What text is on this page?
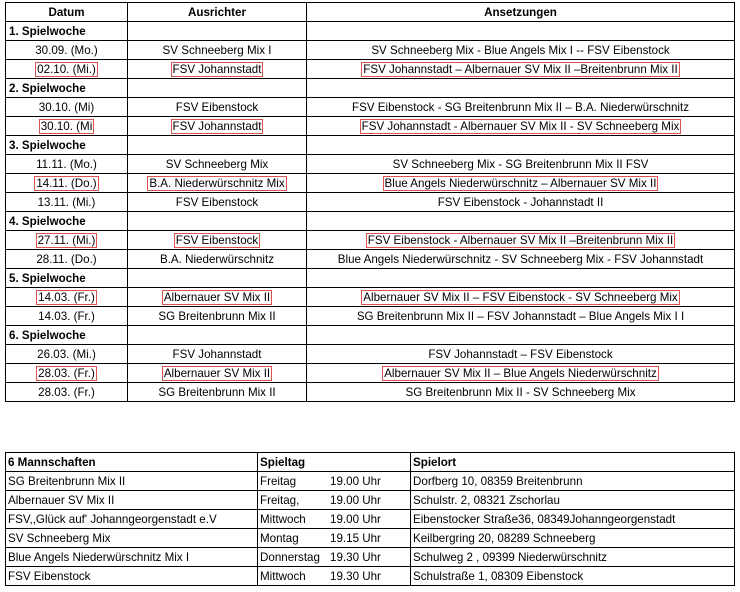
Datum	Ausrichter	Ansetzungen
1. Spielwoche		
30.09. (Mo.)	SV Schneeberg Mix I	SV Schneeberg Mix - Blue Angels Mix I -- FSV Eibenstock
02.10. (Mi.)	FSV Johannstadt	FSV Johannstadt – Albernauer SV Mix II –Breitenbrunn Mix II
2. Spielwoche		
30.10. (Mi)	FSV Eibenstock	FSV Eibenstock - SG Breitenbrunn Mix II – B.A. Niederwürschnitz
30.10. (Mi	FSV Johannstadt	FSV Johannstadt - Albernauer SV Mix II - SV Schneeberg Mix
3. Spielwoche		
11.11. (Mo.)	SV Schneeberg Mix	SV Schneeberg Mix - SG Breitenbrunn Mix II FSV
14.11. (Do.)	B.A. Niederwürschnitz Mix	Blue Angels Niederwürschnitz – Albernauer SV Mix II
13.11. (Mi.)	FSV Eibenstock	FSV Eibenstock - Johannstadt II
4. Spielwoche		
27.11. (Mi.)	FSV Eibenstock	FSV Eibenstock - Albernauer SV Mix II –Breitenbrunn Mix II
28.11. (Do.)	B.A. Niederwürschnitz	Blue Angels Niederwürschnitz - SV Schneeberg Mix - FSV Johannstadt
5. Spielwoche		
14.03. (Fr.)	Albernauer SV Mix II	Albernauer SV Mix II – FSV Eibenstock - SV Schneeberg Mix
14.03. (Fr.)	SG Breitenbrunn Mix II	SG Breitenbrunn Mix II – FSV Johannstadt – Blue Angels Mix I I
6. Spielwoche		
26.03. (Mi.)	FSV Johannstadt	FSV Johannstadt – FSV Eibenstock
28.03. (Fr.)	Albernauer SV Mix II	Albernauer SV Mix II – Blue Angels Niederwürschnitz
28.03. (Fr.)	SG Breitenbrunn Mix II	SG Breitenbrunn Mix II - SV Schneeberg Mix
6 Mannschaften	Spieltag	Spielort
SG Breitenbrunn Mix II	Freitag 19.00 Uhr	Dorfberg 10, 08359 Breitenbrunn
Albernauer SV Mix II	Freitag, 19.00 Uhr	Schulstr. 2, 08321 Zschorlau
FSV,,Glück auf' Johanngeorgenstadt e.V	Mittwoch 19.00 Uhr	Eibenstocker Straße36, 08349Johanngeorgenstadt
SV Schneeberg Mix	Montag 19.15 Uhr	Keilbergring 20, 08289 Schneeberg
Blue Angels Niederwürschnitz Mix I	Donnerstag 19.30 Uhr	Schulweg 2 , 09399 Niederwürschnitz
FSV Eibenstock	Mittwoch 19.30 Uhr	Schulstraße 1, 08309 Eibenstock
